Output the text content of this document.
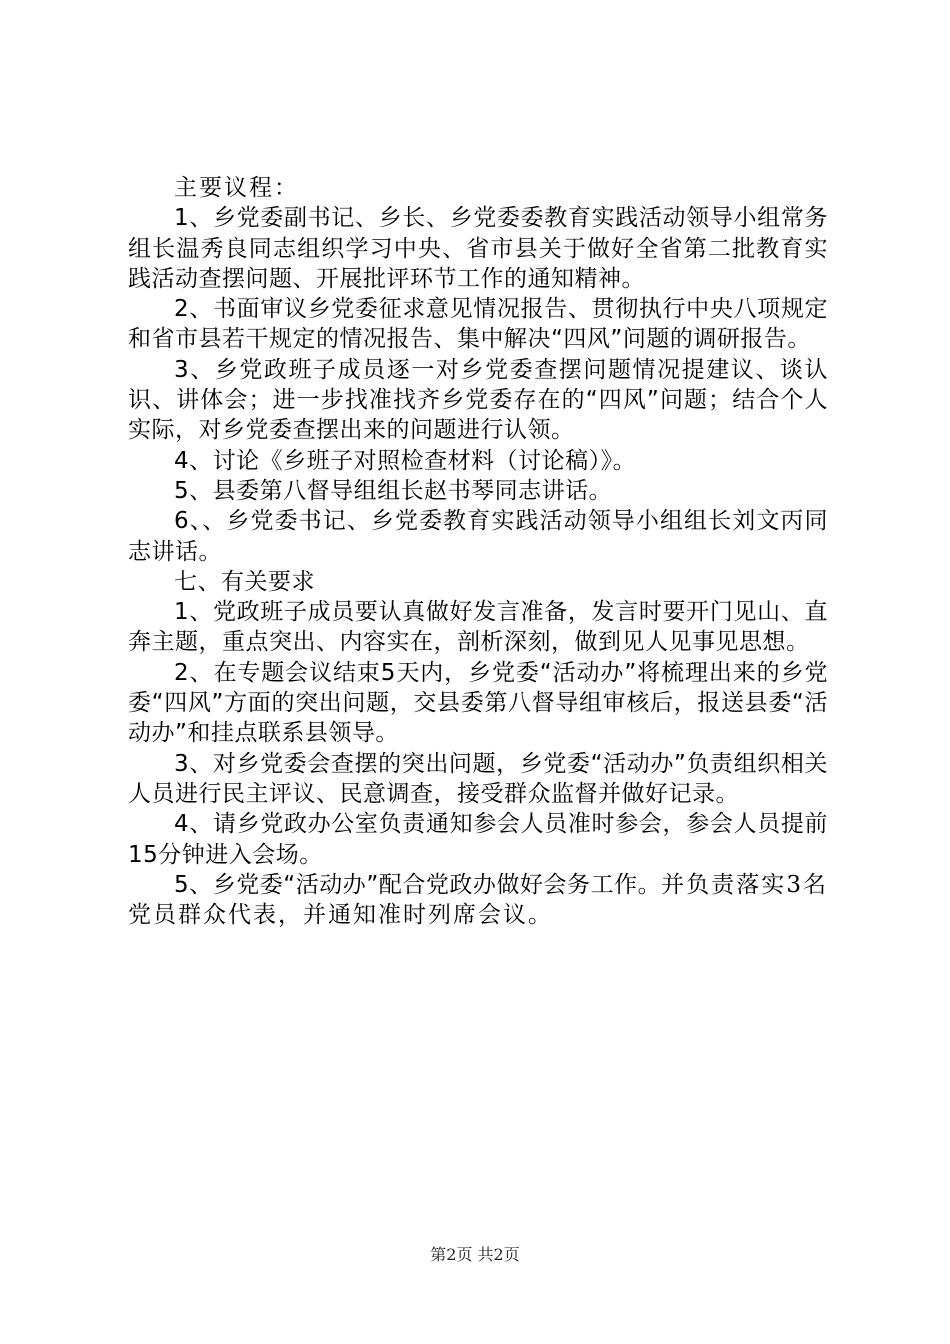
主要议程：

1、乡党委副书记、乡长、乡党委委教育实践活动领导小组常务组长温秀良同志组织学习中央、省市县关于做好全省第二批教育实践活动查摆问题、开展批评环节工作的通知精神。

2、书面审议乡党委征求意见情况报告、贯彻执行中央八项规定和省市县若干规定的情况报告、集中解决“四风”问题的调研报告。

3、乡党政班子成员逐一对乡党委查摆问题情况提建议、谈认识、讲体会；进一步找准找齐乡党委存在的“四风”问题；结合个人实际，对乡党委查摆出来的问题进行认领。

4、讨论《乡班子对照检查材料（讨论稿）》。

5、县委第八督导组组长赵书琴同志讲话。

6、、乡党委书记、乡党委教育实践活动领导小组组长刘文丙同志讲话。

七、有关要求

1、党政班子成员要认真做好发言准备，发言时要开门见山、直奔主题，重点突出、内容实在，剖析深刻，做到见人见事见思想。

2、在专题会议结束5天内，乡党委“活动办”将梳理出来的乡党委“四风”方面的突出问题，交县委第八督导组审核后，报送县委“活动办”和挂点联系县领导。

3、对乡党委会查摆的突出问题，乡党委“活动办”负责组织相关人员进行民主评议、民意调查，接受群众监督并做好记录。

4、请乡党政办公室负责通知参会人员准时参会，参会人员提前15分钟进入会场。

5、乡党委“活动办”配合党政办做好会务工作。并负责落实3名党员群众代表，并通知准时列席会议。

第2页 共2页
